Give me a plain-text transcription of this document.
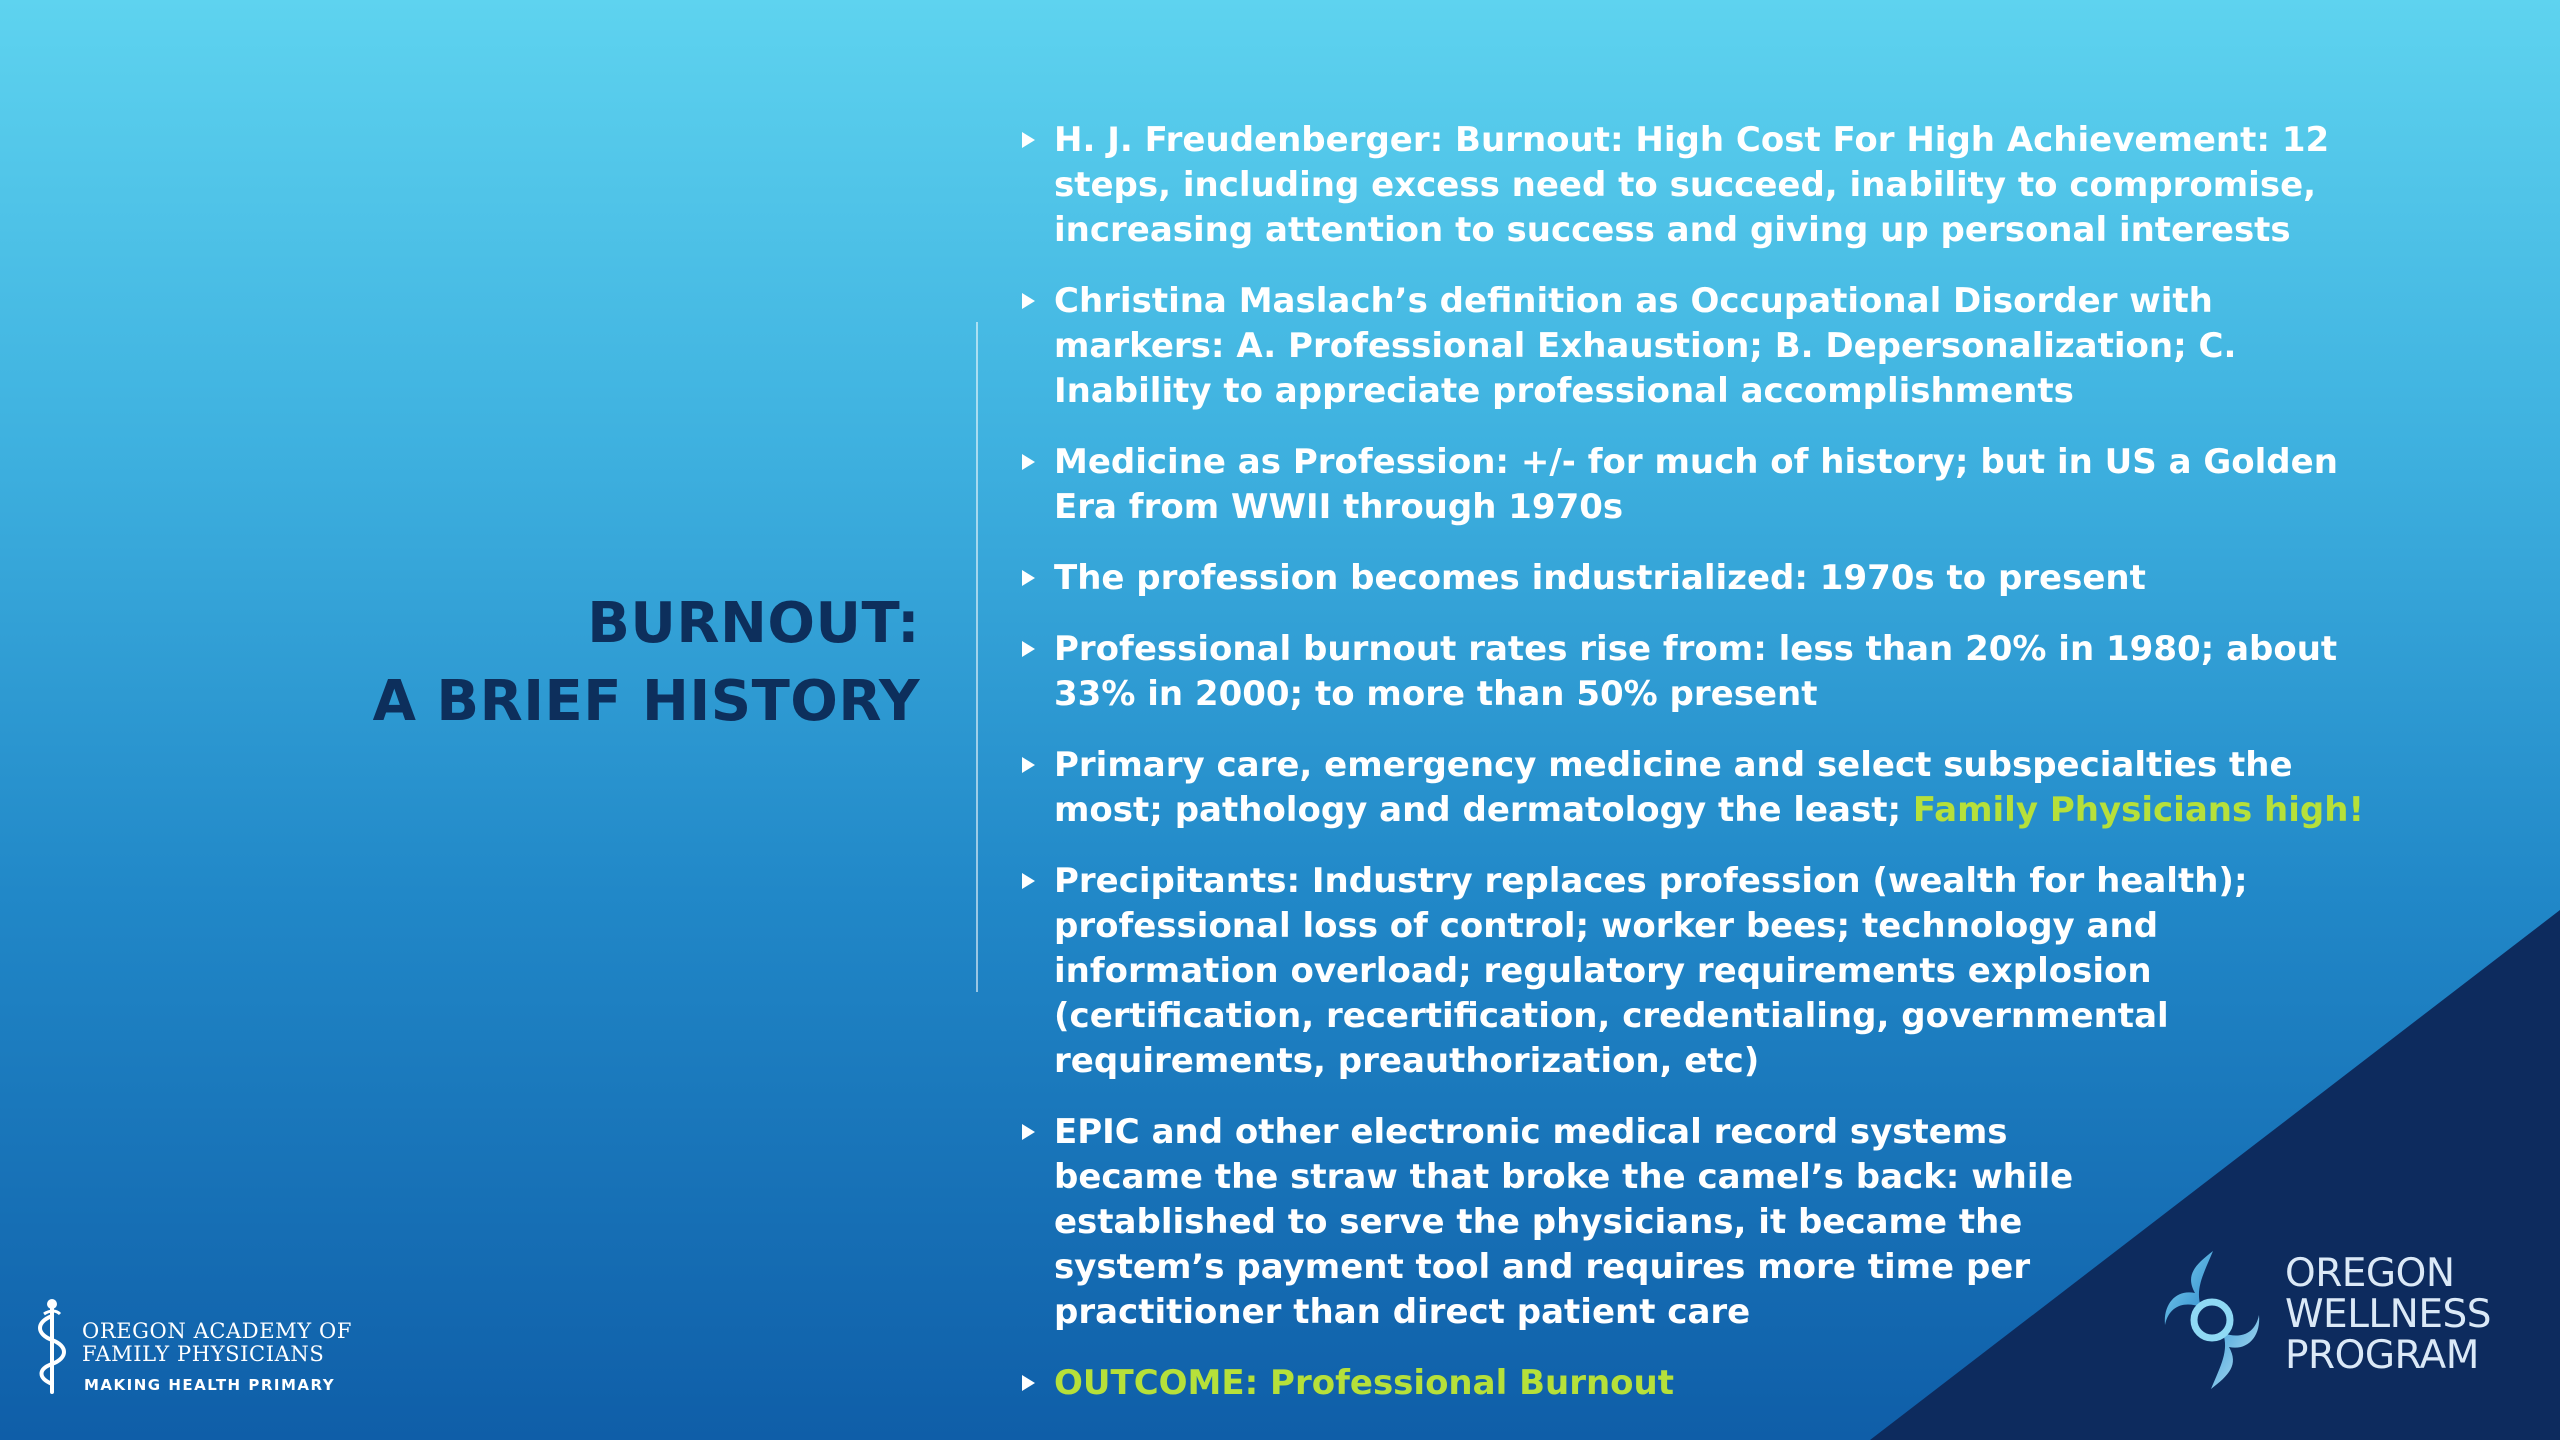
BURNOUT:
A BRIEF HISTORY
H. J. Freudenberger: Burnout: High Cost For High Achievement: 12 steps, including excess need to succeed, inability to compromise, increasing attention to success and giving up personal interests
Christina Maslach’s definition as Occupational Disorder with markers: A. Professional Exhaustion; B. Depersonalization; C. Inability to appreciate professional accomplishments
Medicine as Profession: +/- for much of history; but in US a Golden Era from WWII through 1970s
The profession becomes industrialized: 1970s to present
Professional burnout rates rise from: less than 20% in 1980; about 33% in 2000; to more than 50% present
Primary care, emergency medicine and select subspecialties the most; pathology and dermatology the least; Family Physicians high!
Precipitants: Industry replaces profession (wealth for health); professional loss of control; worker bees; technology and information overload; regulatory requirements explosion (certification, recertification, credentialing, governmental requirements, preauthorization, etc)
EPIC and other electronic medical record systems became the straw that broke the camel’s back: while established to serve the physicians, it became the system’s payment tool and requires more time per practitioner than direct patient care
OUTCOME: Professional Burnout
OREGON ACADEMY OF
FAMILY PHYSICIANS
MAKING HEALTH PRIMARY
OREGON
WELLNESS
PROGRAM
